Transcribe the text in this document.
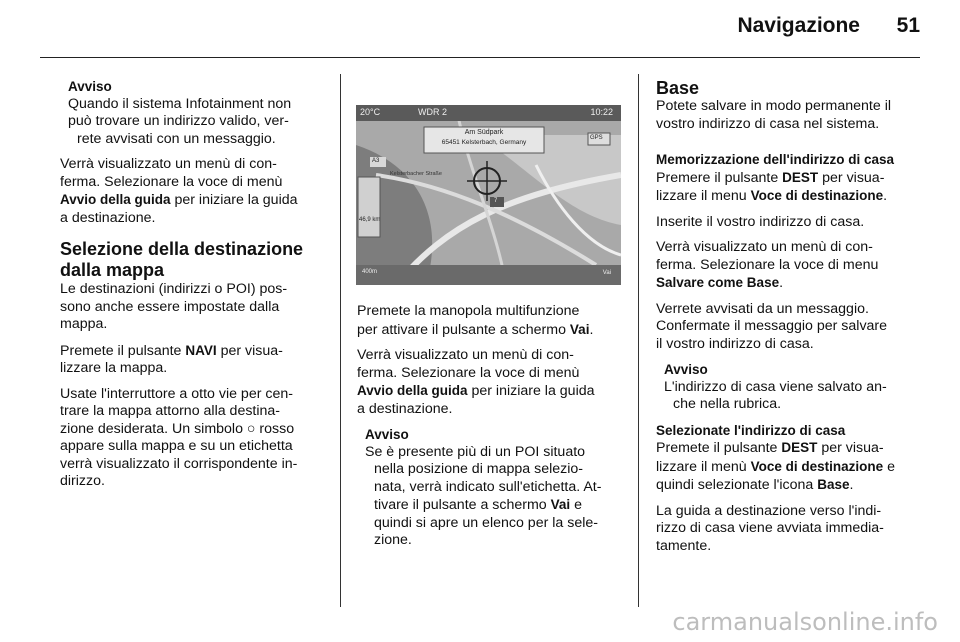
Navigazione 51
Avviso
Quando il sistema Infotainment non
può trovare un indirizzo valido, ver-
rete avvisati con un messaggio.

Verrà visualizzato un menù di con-
ferma. Selezionare la voce di menù
Avvio della guida per iniziare la guida
a destinazione.

Selezione della destinazione
dalla mappa

Le destinazioni (indirizzi o POI) pos-
sono anche essere impostate dalla
mappa.

Premete il pulsante NAVI per visua-
lizzare la mappa.

Usate l'interruttore a otto vie per cen-
trare la mappa attorno alla destina-
zione desiderata. Un simbolo ○ rosso
appare sulla mappa e su un etichetta
verrà visualizzato il corrispondente in-
dirizzo.

20°C	WDR 2	10:22
Am Südpark
65451 Kelsterbach, Germany
GPS
A3
Kelsterbacher Straße
46,9 km
7
400m	Vai

Premete la manopola multifunzione
per attivare il pulsante a schermo Vai.

Verrà visualizzato un menù di con-
ferma. Selezionare la voce di menù
Avvio della guida per iniziare la guida
a destinazione.

Avviso
Se è presente più di un POI situato
nella posizione di mappa selezio-
nata, verrà indicato sull'etichetta. At-
tivare il pulsante a schermo Vai e
quindi si apre un elenco per la sele-
zione.
Base

Potete salvare in modo permanente il
vostro indirizzo di casa nel sistema.

Memorizzazione dell'indirizzo di casa

Premere il pulsante DEST per visua-
lizzare il menu Voce di destinazione.

Inserite il vostro indirizzo di casa.

Verrà visualizzato un menù di con-
ferma. Selezionare la voce di menu
Salvare come Base.

Verrete avvisati da un messaggio.
Confermate il messaggio per salvare
il vostro indirizzo di casa.

Avviso
L'indirizzo di casa viene salvato an-
che nella rubrica.
Selezionate l'indirizzo di casa

Premete il pulsante DEST per visua-
lizzare il menù Voce di destinazione e
quindi selezionate l'icona Base.

La guida a destinazione verso l'indi-
rizzo di casa viene avviata immedia-
tamente.

carmanualsonline.info
